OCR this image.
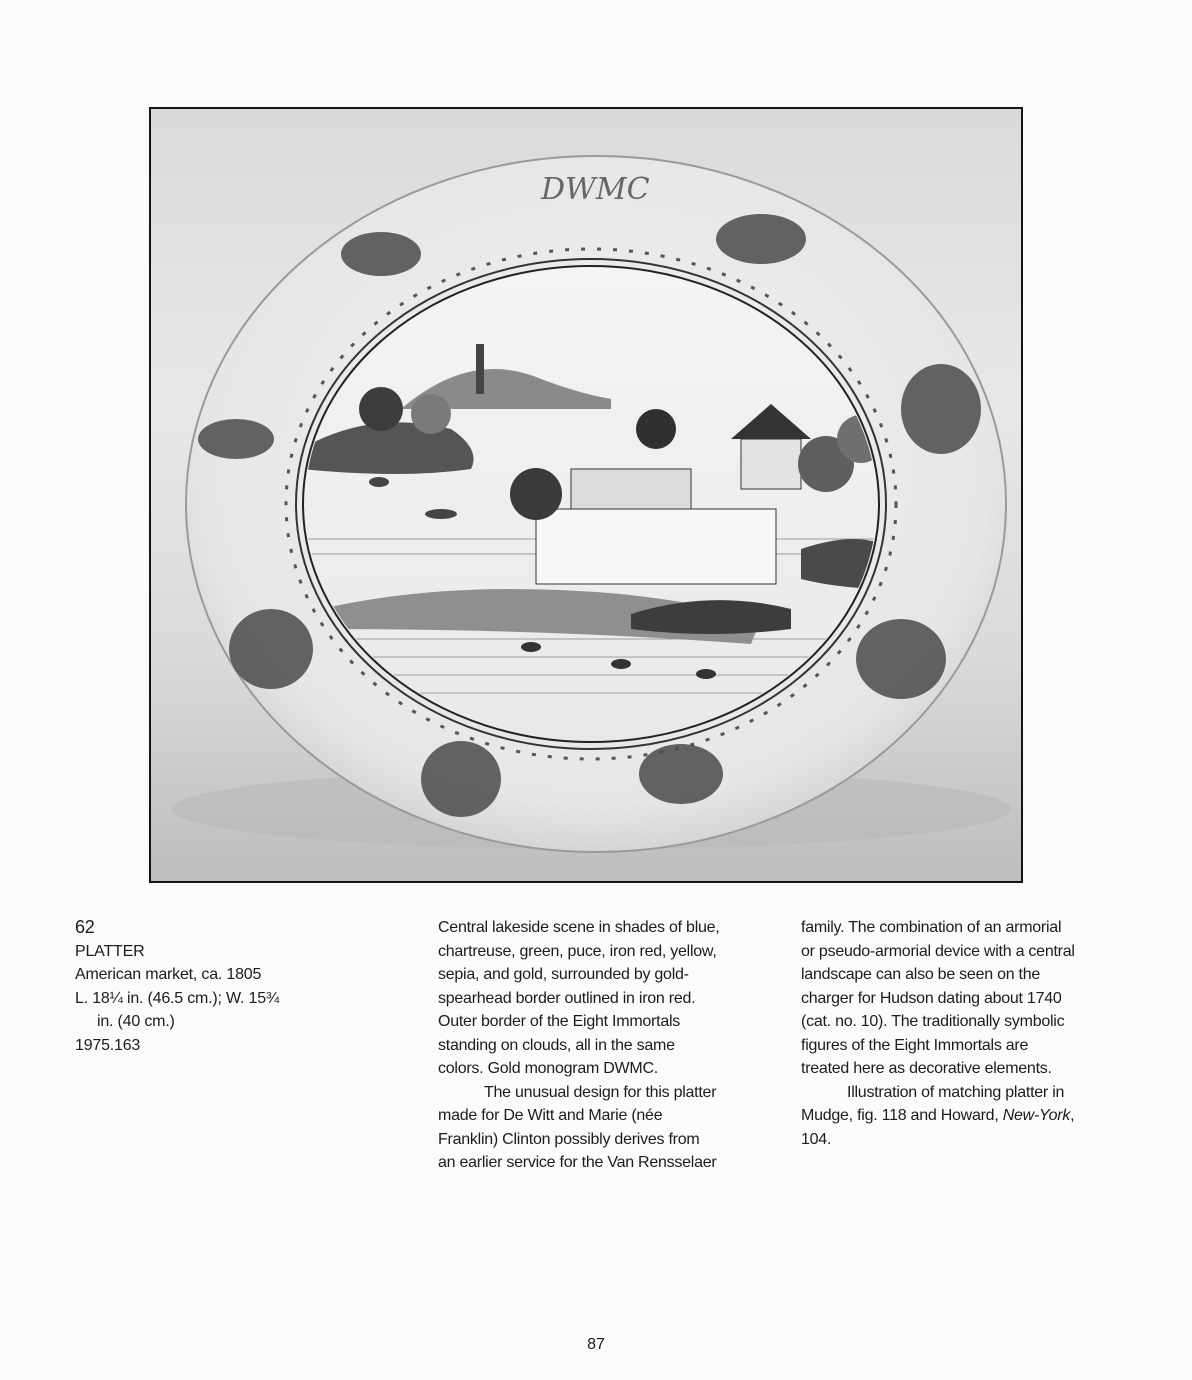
DWMC
62
PLATTER
American market, ca. 1805
L. 18¼ in. (46.5 cm.); W. 15¾
in. (40 cm.)
1975.163
Central lakeside scene in shades of blue,
chartreuse, green, puce, iron red, yellow,
sepia, and gold, surrounded by gold-
spearhead border outlined in iron red.
Outer border of the Eight Immortals
standing on clouds, all in the same
colors. Gold monogram DWMC.
The unusual design for this platter
made for De Witt and Marie (née
Franklin) Clinton possibly derives from
an earlier service for the Van Rensselaer
family. The combination of an armorial
or pseudo-armorial device with a central
landscape can also be seen on the
charger for Hudson dating about 1740
(cat. no. 10). The traditionally symbolic
figures of the Eight Immortals are
treated here as decorative elements.
Illustration of matching platter in
Mudge, fig. 118 and Howard, New-York,
104.
87
